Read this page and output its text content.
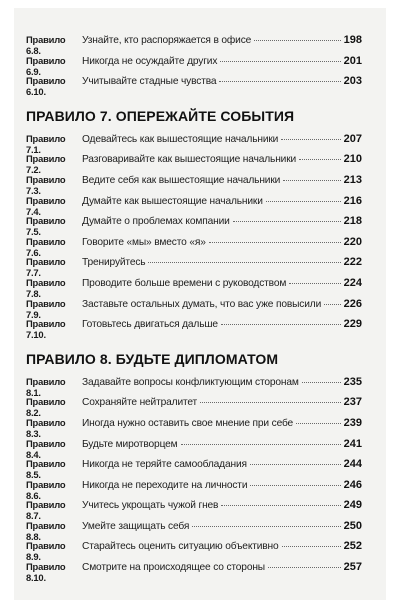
Правило 6.8.
Узнайте, кто распоряжается в офисе	198
Правило 6.9.
Никогда не осуждайте других	201
Правило 6.10.
Учитывайте стадные чувства	203
ПРАВИЛО 7. ОПЕРЕЖАЙТЕ СОБЫТИЯ
Правило 7.1.
Одевайтесь как вышестоящие начальники	207
Правило 7.2.
Разговаривайте как вышестоящие начальники	210
Правило 7.3.
Ведите себя как вышестоящие начальники	213
Правило 7.4.
Думайте как вышестоящие начальники	216
Правило 7.5.
Думайте о проблемах компании	218
Правило 7.6.
Говорите «мы» вместо «я»	220
Правило 7.7.
Тренируйтесь	222
Правило 7.8.
Проводите больше времени с руководством	224
Правило 7.9.
Заставьте остальных думать, что вас уже повысили 226
Правило 7.10.
Готовьтесь двигаться дальше	229
ПРАВИЛО 8. БУДЬТЕ ДИПЛОМАТОМ
Правило 8.1.
Задавайте вопросы конфликтующим сторонам	235
Правило 8.2.
Сохраняйте нейтралитет	237
Правило 8.3.
Иногда нужно оставить свое мнение при себе	239
Правило 8.4.
Будьте миротворцем	241
Правило 8.5.
Никогда не теряйте самообладания	244
Правило 8.6.
Никогда не переходите на личности	246
Правило 8.7.
Учитесь укрощать чужой гнев	249
Правило 8.8.
Умейте защищать себя	250
Правило 8.9.
Старайтесь оценить ситуацию объективно	252
Правило 8.10.
Смотрите на происходящее со стороны	257
